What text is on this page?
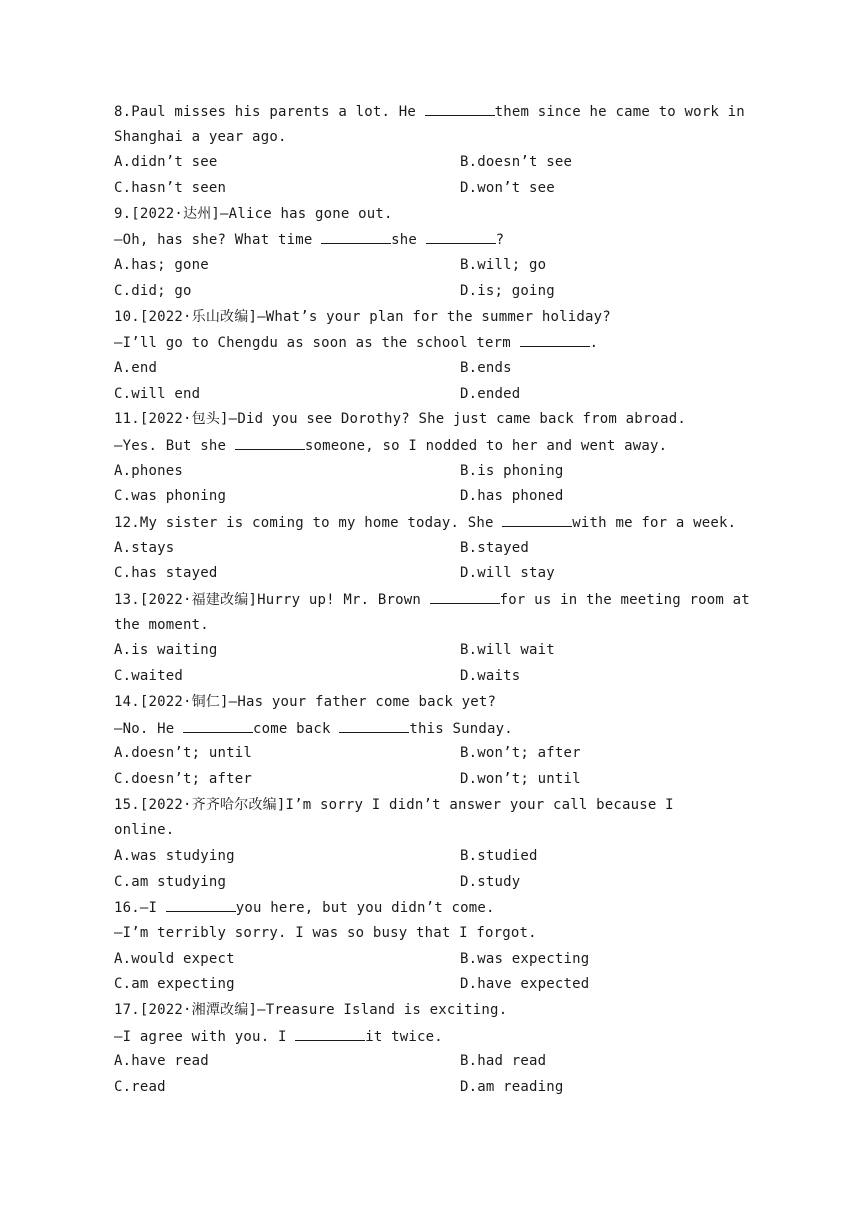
8.Paul misses his parents a lot. He	them since he came to work in
Shanghai a year ago.
A.didn’t see	B.doesn’t see
C.hasn’t seen	D.won’t see
9.[2022·达州]—Alice has gone out.
—Oh, has she? What time	she	?
A.has; gone	B.will; go
C.did; go	D.is; going
10.[2022·乐山改编]—What’s your plan for the summer holiday?
—I’ll go to Chengdu as soon as the school term	.
A.end	B.ends
C.will end	D.ended
11.[2022·包头]—Did you see Dorothy? She just came back from abroad.
—Yes. But she	someone, so I nodded to her and went away.
A.phones	B.is phoning
C.was phoning	D.has phoned
12.My sister is coming to my home today. She	with me for a week.
A.stays	B.stayed
C.has stayed	D.will stay
13.[2022·福建改编]Hurry up! Mr. Brown	for us in the meeting room at
the moment.
A.is waiting	B.will wait
C.waited	D.waits
14.[2022·铜仁]—Has your father come back yet?
—No. He	come back	this Sunday.
A.doesn’t; until	B.won’t; after
C.doesn’t; after	D.won’t; until
15.[2022·齐齐哈尔改编]I’m sorry I didn’t answer your call because I
online.
A.was studying	B.studied
C.am studying	D.study
16.—I	you here, but you didn’t come.
—I’m terribly sorry. I was so busy that I forgot.
A.would expect	B.was expecting
C.am expecting	D.have expected
17.[2022·湘潭改编]—Treasure Island is exciting.
—I agree with you. I	it twice.
A.have read	B.had read
C.read	D.am reading
